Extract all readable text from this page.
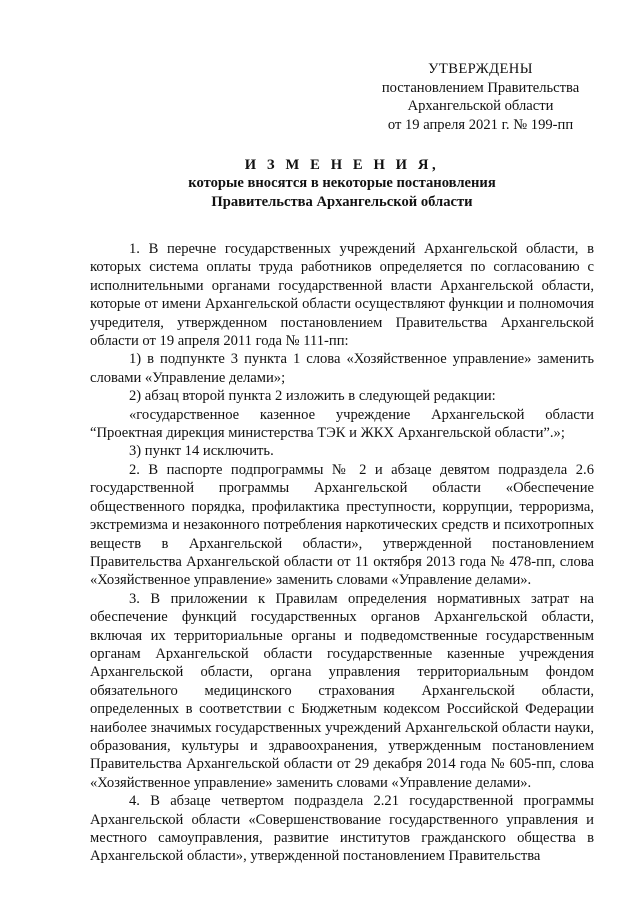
УТВЕРЖДЕНЫ
постановлением Правительства
Архангельской области
от 19 апреля 2021 г. № 199-пп
И З М Е Н Е Н И Я,
которые вносятся в некоторые постановления
Правительства Архангельской области

1. В перечне государственных учреждений Архангельской области, в которых система оплаты труда работников определяется по согласованию с исполнительными органами государственной власти Архангельской области, которые от имени Архангельской области осуществляют функции и полномочия учредителя, утвержденном постановлением Правительства Архангельской области от 19 апреля 2011 года № 111-пп:

1) в подпункте 3 пункта 1 слова «Хозяйственное управление» заменить словами «Управление делами»;

2) абзац второй пункта 2 изложить в следующей редакции:

«государственное казенное учреждение Архангельской области “Проектная дирекция министерства ТЭК и ЖКХ Архангельской области”.»;

3) пункт 14 исключить.

2. В паспорте подпрограммы № 2 и абзаце девятом подраздела 2.6 государственной программы Архангельской области «Обеспечение общественного порядка, профилактика преступности, коррупции, терроризма, экстремизма и незаконного потребления наркотических средств и психотропных веществ в Архангельской области», утвержденной постановлением Правительства Архангельской области от 11 октября 2013 года № 478-пп, слова «Хозяйственное управление» заменить словами «Управление делами».

3. В приложении к Правилам определения нормативных затрат на обеспечение функций государственных органов Архангельской области, включая их территориальные органы и подведомственные государственным органам Архангельской области государственные казенные учреждения Архангельской области, органа управления территориальным фондом обязательного медицинского страхования Архангельской области, определенных в соответствии с Бюджетным кодексом Российской Федерации наиболее значимых государственных учреждений Архангельской области науки, образования, культуры и здравоохранения, утвержденным постановлением Правительства Архангельской области от 29 декабря 2014 года № 605-пп, слова «Хозяйственное управление» заменить словами «Управление делами».

4. В абзаце четвертом подраздела 2.21 государственной программы Архангельской области «Совершенствование государственного управления и местного самоуправления, развитие институтов гражданского общества в Архангельской области», утвержденной постановлением Правительства
